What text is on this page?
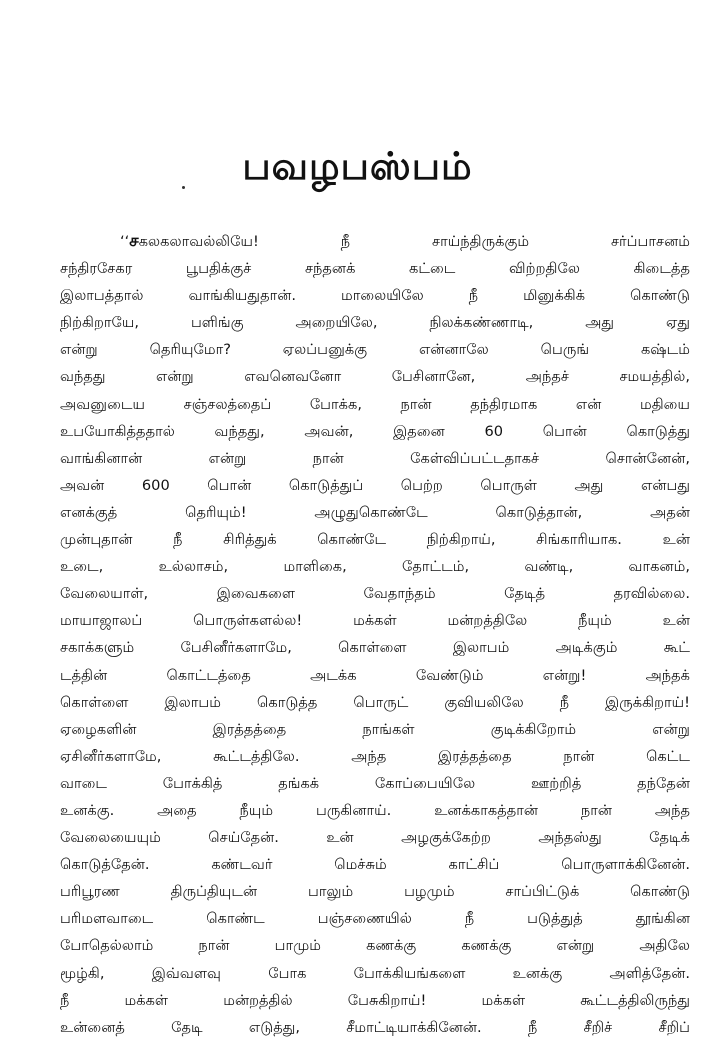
பவழபஸ்பம்
‘‘சகலகலாவல்லியே! நீ சாய்ந்திருக்கும் சர்ப்பாசனம்
சந்திரசேகர பூபதிக்குச் சந்தனக் கட்டை விற்றதிலே கிடைத்த
இலாபத்தால் வாங்கியதுதான். மாலையிலே நீ மினுக்கிக் கொண்டு
நிற்கிறாயே, பளிங்கு அறையிலே, நிலக்கண்ணாடி, அது ஏது
என்று தெரியுமோ? ஏலப்பனுக்கு என்னாலே பெருங் கஷ்டம்
வந்தது என்று எவனெவனோ பேசினானே, அந்தச் சமயத்தில்,
அவனுடைய சஞ்சலத்தைப் போக்க, நான் தந்திரமாக என் மதியை
உபயோகித்ததால் வந்தது, அவன், இதனை 60 பொன் கொடுத்து
வாங்கினான் என்று நான் கேள்விப்பட்டதாகச் சொன்னேன்,
அவன் 600 பொன் கொடுத்துப் பெற்ற பொருள் அது என்பது
எனக்குத் தெரியும்! அழுதுகொண்டே கொடுத்தான், அதன்
முன்புதான் நீ சிரித்துக் கொண்டே நிற்கிறாய், சிங்காரியாக. உன்
உடை, உல்லாசம், மாளிகை, தோட்டம், வண்டி, வாகனம்,
வேலையாள், இவைகளை வேதாந்தம் தேடித் தரவில்லை.
மாயாஜாலப் பொருள்களல்ல! மக்கள் மன்றத்திலே நீயும் உன்
சகாக்களும் பேசினீர்களாமே, கொள்ளை இலாபம் அடிக்கும் கூட்
டத்தின் கொட்டத்தை அடக்க வேண்டும் என்று! அந்தக்
கொள்ளை இலாபம் கொடுத்த பொருட் குவியலிலே நீ இருக்கிறாய்!
ஏழைகளின் இரத்தத்தை நாங்கள் குடிக்கிறோம் என்று
ஏசினீர்களாமே, கூட்டத்திலே. அந்த இரத்தத்தை நான் கெட்ட
வாடை போக்கித் தங்கக் கோப்பையிலே ஊற்றித் தந்தேன்
உனக்கு. அதை நீயும் பருகினாய். உனக்காகத்தான் நான் அந்த
வேலையையும் செய்தேன். உன் அழகுக்கேற்ற அந்தஸ்து தேடிக்
கொடுத்தேன். கண்டவர் மெச்சும் காட்சிப் பொருளாக்கினேன்.
பரிபூரண திருப்தியுடன் பாலும் பழமும் சாப்பிட்டுக் கொண்டு
பரிமளவாடை கொண்ட பஞ்சணையில் நீ படுத்துத் தூங்கின
போதெல்லாம் நான் பாமும் கணக்கு கணக்கு என்று அதிலே
மூழ்கி, இவ்வளவு போக போக்கியங்களை உனக்கு அளித்தேன்.
நீ மக்கள் மன்றத்தில் பேசுகிறாய்! மக்கள் கூட்டத்திலிருந்து
உன்னைத் தேடி எடுத்து, சீமாட்டியாக்கினேன். நீ சீறிச் சீறிப்
